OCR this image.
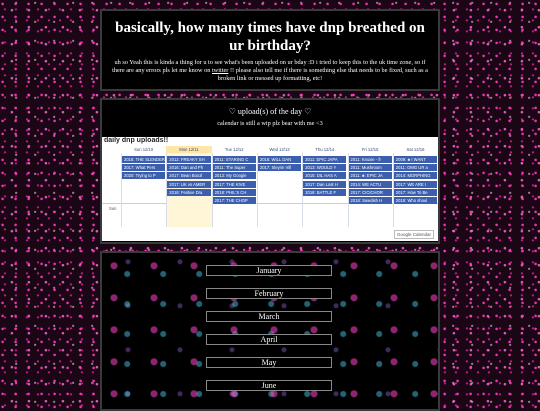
basically, how many times have dnp breathed on ur birthday?

uh so Yeah this is kinda a thing for u to see what's been uploaded on ur bday :D i tried to keep this to the uk time zone, so if there are any errors pls let me know on twitter !! please also tell me if there is something else that needs to be fixed, such as a broken link or messed up formatting, etc!

♡ upload(s) of the day ♡
calendar is still a wip plz bear with me <3
daily dnp uploads!!
Sun
Google Calendar
Sun 12/10
2016: THE SLENDER
2017: What Pers
2020: Trying to P
Mon 12/11
2012: FREAKY SH
2016: Dan and Ph
2017: Bean Boozl
2017: UK vs AMER
2018: Festive Dra
Tue 12/12
2011: STARING C
2011: The Super
2013: My Google
2017: THE KIVE
2018: PHIL'S CH
2017: THE CHOP
Wed 12/13
2016: WILL DAN
2017: Sleyrin Vill
Thu 12/14
2011: EPIC JAPA
2013: WOULD Y
2015: DIL HAS A
2017: Dan Lost H
2018: BATTLE F
Fri 12/15
2011: Knoxie - fr
2011: Mushroom
2011: ♣: EPIC JA
2014: WE ACTU
2017: CICICHOR
2018: Swedish H
Sat 12/16
2009: ♣ I WANT
2011: OMG UR a
2014: MORPHING
2017: WE ARE I
2017: How To Be
2018: Who shoul
January
February
March
April
May
June
